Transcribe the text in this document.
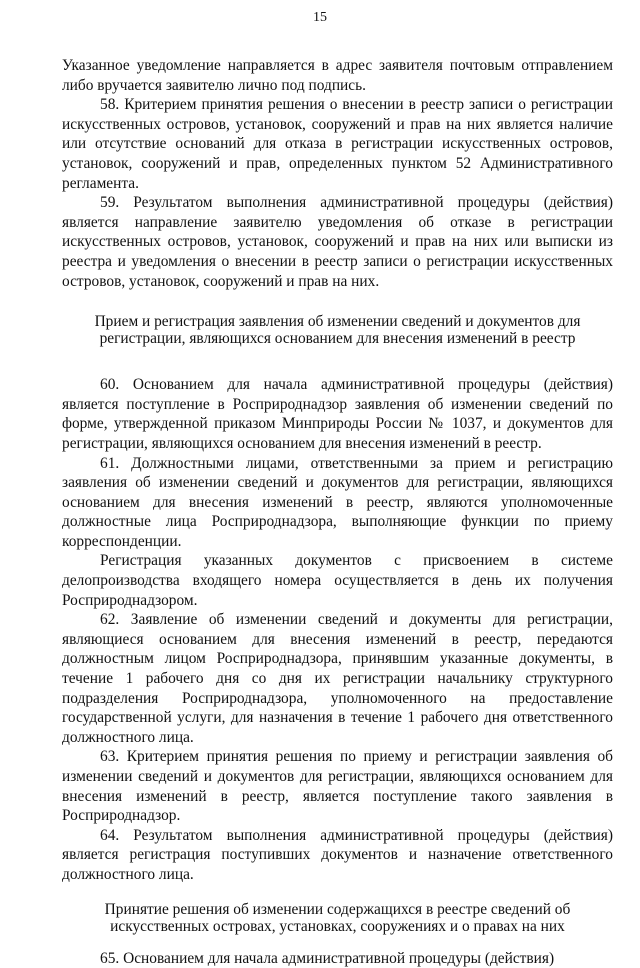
15

Указанное уведомление направляется в адрес заявителя почтовым отправлением либо вручается заявителю лично под подпись.

58. Критерием принятия решения о внесении в реестр записи о регистрации искусственных островов, установок, сооружений и прав на них является наличие или отсутствие оснований для отказа в регистрации искусственных островов, установок, сооружений и прав, определенных пунктом 52 Административного регламента.

59. Результатом выполнения административной процедуры (действия) является направление заявителю уведомления об отказе в регистрации искусственных островов, установок, сооружений и прав на них или выписки из реестра и уведомления о внесении в реестр записи о регистрации искусственных островов, установок, сооружений и прав на них.

Прием и регистрация заявления об изменении сведений и документов для регистрации, являющихся основанием для внесения изменений в реестр

60. Основанием для начала административной процедуры (действия) является поступление в Росприроднадзор заявления об изменении сведений по форме, утвержденной приказом Минприроды России № 1037, и документов для регистрации, являющихся основанием для внесения изменений в реестр.

61. Должностными лицами, ответственными за прием и регистрацию заявления об изменении сведений и документов для регистрации, являющихся основанием для внесения изменений в реестр, являются уполномоченные должностные лица Росприроднадзора, выполняющие функции по приему корреспонденции.

Регистрация указанных документов с присвоением в системе делопроизводства входящего номера осуществляется в день их получения Росприроднадзором.

62. Заявление об изменении сведений и документы для регистрации, являющиеся основанием для внесения изменений в реестр, передаются должностным лицом Росприроднадзора, принявшим указанные документы, в течение 1 рабочего дня со дня их регистрации начальнику структурного подразделения Росприроднадзора, уполномоченного на предоставление государственной услуги, для назначения в течение 1 рабочего дня ответственного должностного лица.

63. Критерием принятия решения по приему и регистрации заявления об изменении сведений и документов для регистрации, являющихся основанием для внесения изменений в реестр, является поступление такого заявления в Росприроднадзор.

64. Результатом выполнения административной процедуры (действия) является регистрация поступивших документов и назначение ответственного должностного лица.

Принятие решения об изменении содержащихся в реестре сведений об искусственных островах, установках, сооружениях и о правах на них

65. Основанием для начала административной процедуры (действия)
